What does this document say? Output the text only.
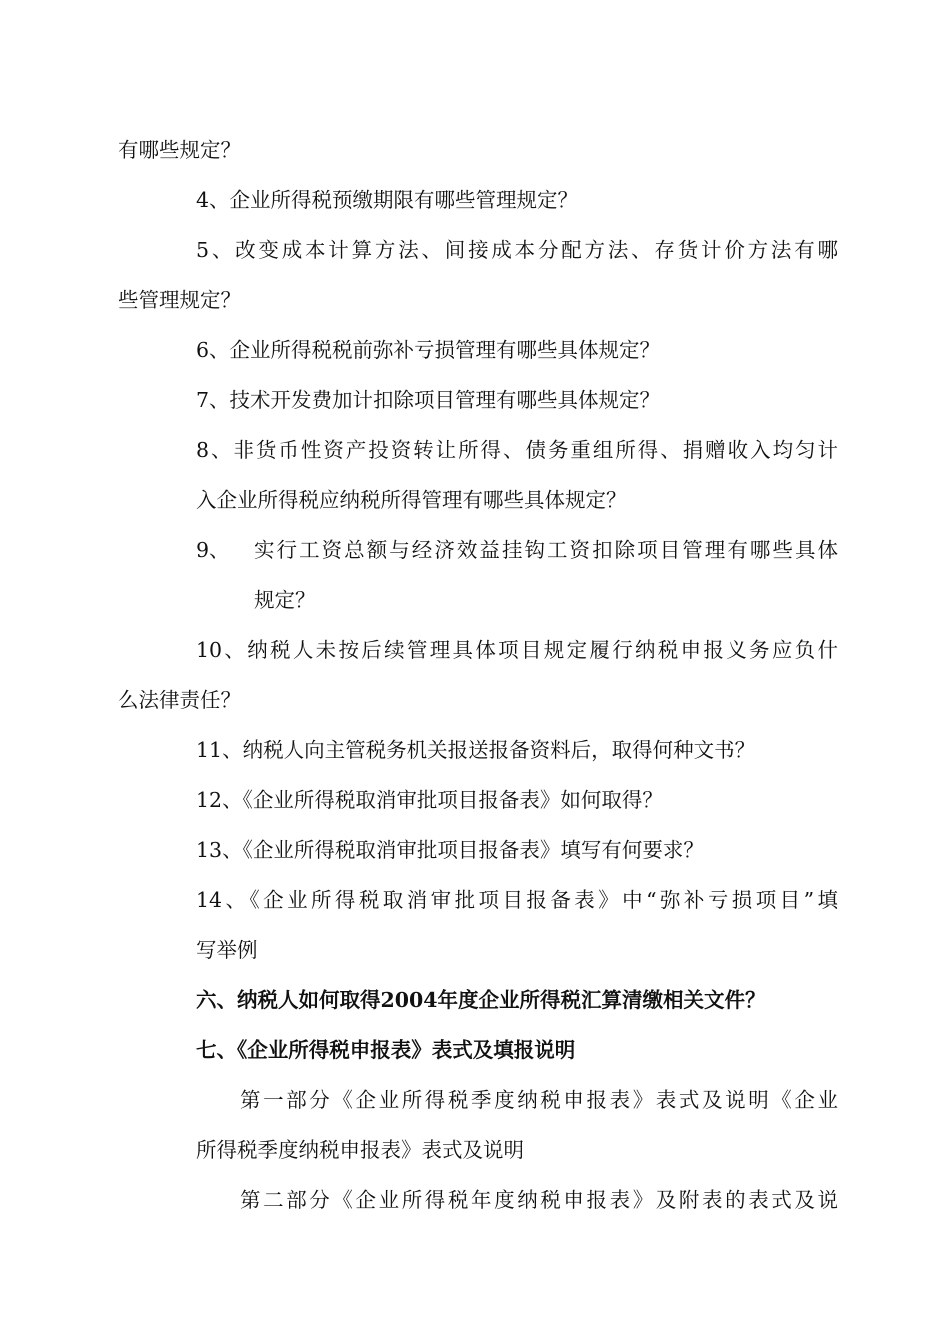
有哪些规定？

4、企业所得税预缴期限有哪些管理规定？

5、改变成本计算方法、间接成本分配方法、存货计价方法有哪

些管理规定？

6、企业所得税税前弥补亏损管理有哪些具体规定？

7、技术开发费加计扣除项目管理有哪些具体规定？

8、非货币性资产投资转让所得、债务重组所得、捐赠收入均匀计

入企业所得税应纳税所得管理有哪些具体规定？

9、 实行工资总额与经济效益挂钩工资扣除项目管理有哪些具体

规定？

10、纳税人未按后续管理具体项目规定履行纳税申报义务应负什

么法律责任？

11、纳税人向主管税务机关报送报备资料后，取得何种文书？

12、《企业所得税取消审批项目报备表》如何取得？

13、《企业所得税取消审批项目报备表》填写有何要求？

14、《企业所得税取消审批项目报备表》中“弥补亏损项目”填

写举例

六、纳税人如何取得2004年度企业所得税汇算清缴相关文件？

七、《企业所得税申报表》表式及填报说明

第一部分《企业所得税季度纳税申报表》表式及说明《企业

所得税季度纳税申报表》表式及说明

第二部分《企业所得税年度纳税申报表》及附表的表式及说
